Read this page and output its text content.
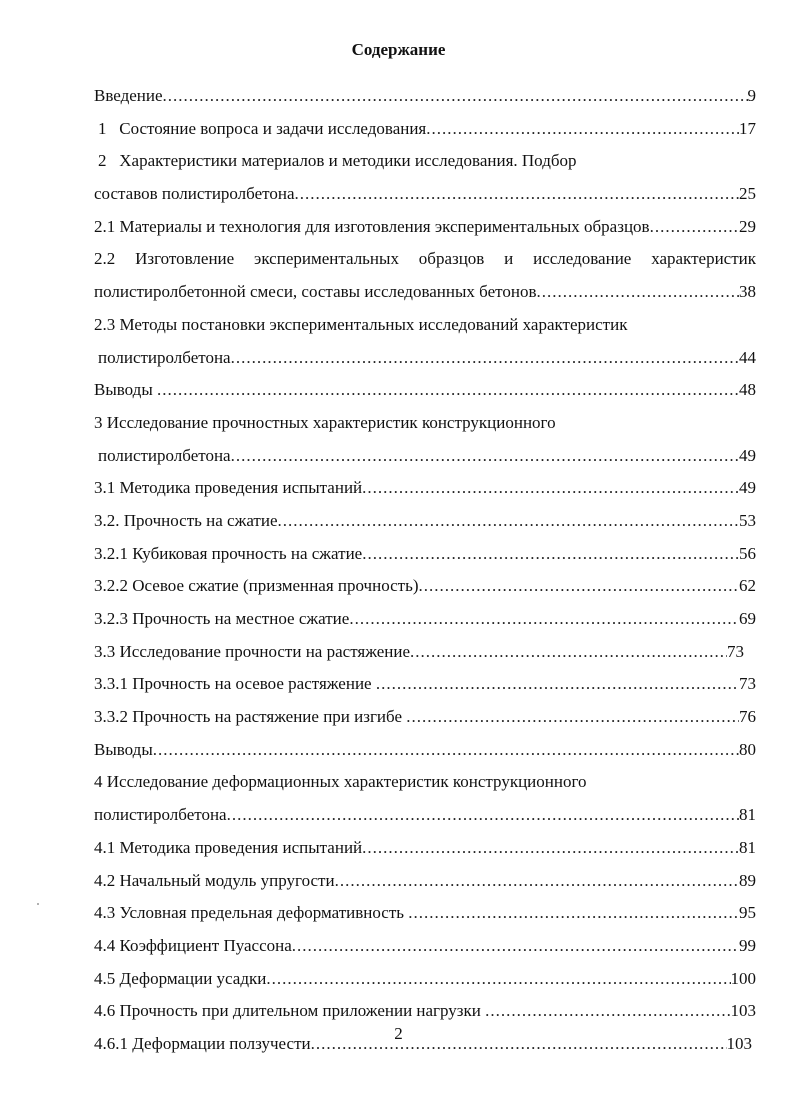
Содержание
Введение .....	9
1   Состояние вопроса и задачи исследования .....	17
2   Характеристики материалов и методики исследования. Подбор
составов полистиролбетона .....	25
2.1 Материалы и технология для изготовления экспериментальных образцов .....	29
2.2 Изготовление экспериментальных образцов и исследование характеристик
полистиролбетонной смеси, составы исследованных бетонов .....	38
2.3 Методы постановки экспериментальных исследований характеристик
полистиролбетона .....	44
Выводы .....	48
3 Исследование прочностных характеристик конструкционного
полистиролбетона .....	49
3.1 Методика проведения испытаний .....	49
3.2. Прочность на сжатие .....	53
3.2.1 Кубиковая прочность на сжатие .....	56
3.2.2 Осевое сжатие (призменная прочность) .....	62
3.2.3 Прочность на местное сжатие .....	69
3.3 Исследование прочности на растяжение .....	73
3.3.1 Прочность на осевое растяжение .....	73
3.3.2 Прочность на растяжение при изгибе .....	76
Выводы .....	80
4 Исследование деформационных характеристик конструкционного
полистиролбетона .....	81
4.1 Методика проведения испытаний .....	81
4.2 Начальный модуль упругости .....	89
4.3 Условная предельная деформативность .....	95
4.4 Коэффициент Пуассона .....	99
4.5 Деформации усадки .....	100
4.6 Прочность при длительном приложении нагрузки .....	103
4.6.1 Деформации ползучести .....	103
2
